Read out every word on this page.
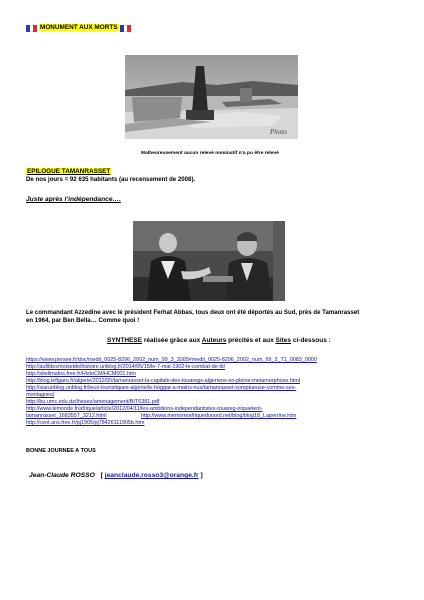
MONUMENT AUX MORTS
Photo
Malheureusement aucun relevé nominatif n’a pu être relevé
EPILOGUE TAMANRASSET
De nos jours = 92 635 habitants (au recensement de 2008).
Juste après l’indépendance….
Le commandant Azzedine avec le président Ferhat Abbas, tous deux ont été déportés au Sud, près de Tamanrasset
en 1964, par Ben Bella… Comme quoi !
SYNTHESE réalisée grâce aux Auteurs précités et aux Sites ci-dessous :
https://www.persee.fr/doc/medit_0025-8296_2002_num_99_3_3265#medit_0025-8296_2002_num_99_3_T1_0083_0000
http://aufildesmotsetdelhistoire.unblog.fr/2014/05/15/le-7-mai-1902-le-combat-de-tit/
http://sitelimafos.free.fr/HistoCM/HCM001.htm
http://blog.lefigaro.fr/algerie/2012/05/tamanrasset-la-capitale-des-touaregs-algeriens-en-pleine-metamorphose.html
http://siarunblog.unblog.fr/lieux-touristiques-algerie/le-hoggar-a-mains-nus/tamanrasset-somptueuse-comme-ses-
montagnes/
http://bu.umc.edu.dz/theses/amenagement/BIT6381.pdf
http://www.lemonde.fr/afrique/article/2012/04/11/les-ambitions-independantistes-touareg-inquietent-
tamanrasset_1683557_3212.html	http://www.memoireafriquedunord.net/blog/blog18_Laperrine.htm
http://cent.ans.free.fr/pj1905/pj78426111905b.htm
BONNE JOURNEE A TOUS
Jean-Claude ROSSO [ jeanclaude.rosso3@orange.fr ]
